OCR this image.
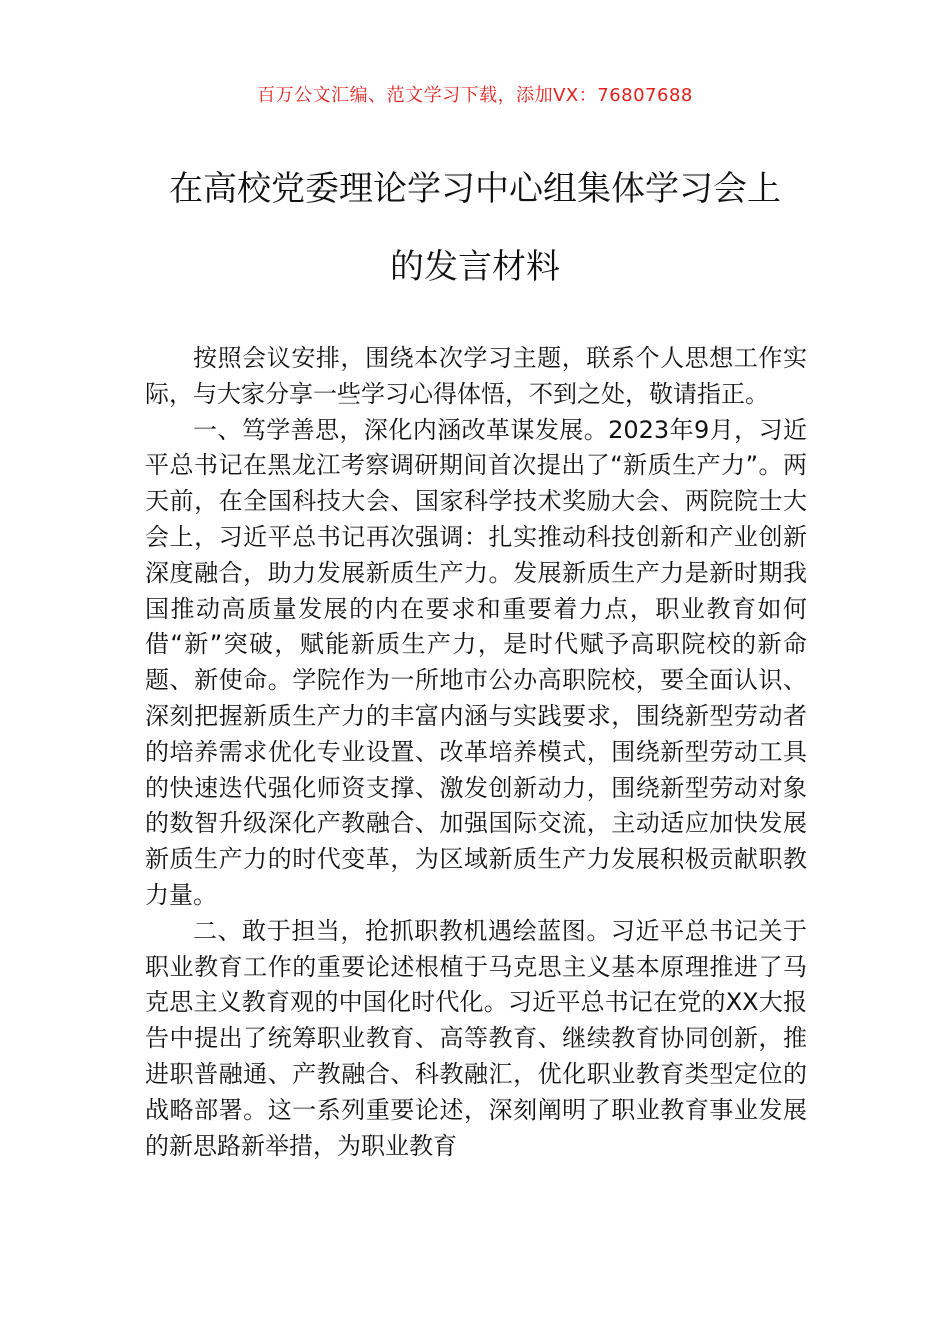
百万公文汇编、范文学习下载，添加VX：76807688
在高校党委理论学习中心组集体学习会上
的发言材料

按照会议安排，围绕本次学习主题，联系个人思想工作实际，与大家分享一些学习心得体悟，不到之处，敬请指正。

一、笃学善思，深化内涵改革谋发展。2023年9月，习近平总书记在黑龙江考察调研期间首次提出了“新质生产力”。两天前，在全国科技大会、国家科学技术奖励大会、两院院士大会上，习近平总书记再次强调：扎实推动科技创新和产业创新深度融合，助力发展新质生产力。发展新质生产力是新时期我国推动高质量发展的内在要求和重要着力点，职业教育如何借“新”突破，赋能新质生产力，是时代赋予高职院校的新命题、新使命。学院作为一所地市公办高职院校，要全面认识、深刻把握新质生产力的丰富内涵与实践要求，围绕新型劳动者的培养需求优化专业设置、改革培养模式，围绕新型劳动工具的快速迭代强化师资支撑、激发创新动力，围绕新型劳动对象的数智升级深化产教融合、加强国际交流，主动适应加快发展新质生产力的时代变革，为区域新质生产力发展积极贡献职教力量。

二、敢于担当，抢抓职教机遇绘蓝图。习近平总书记关于职业教育工作的重要论述根植于马克思主义基本原理推进了马克思主义教育观的中国化时代化。习近平总书记在党的XX大报告中提出了统筹职业教育、高等教育、继续教育协同创新，推进职普融通、产教融合、科教融汇，优化职业教育类型定位的战略部署。这一系列重要论述，深刻阐明了职业教育事业发展的新思路新举措，为职业教育
